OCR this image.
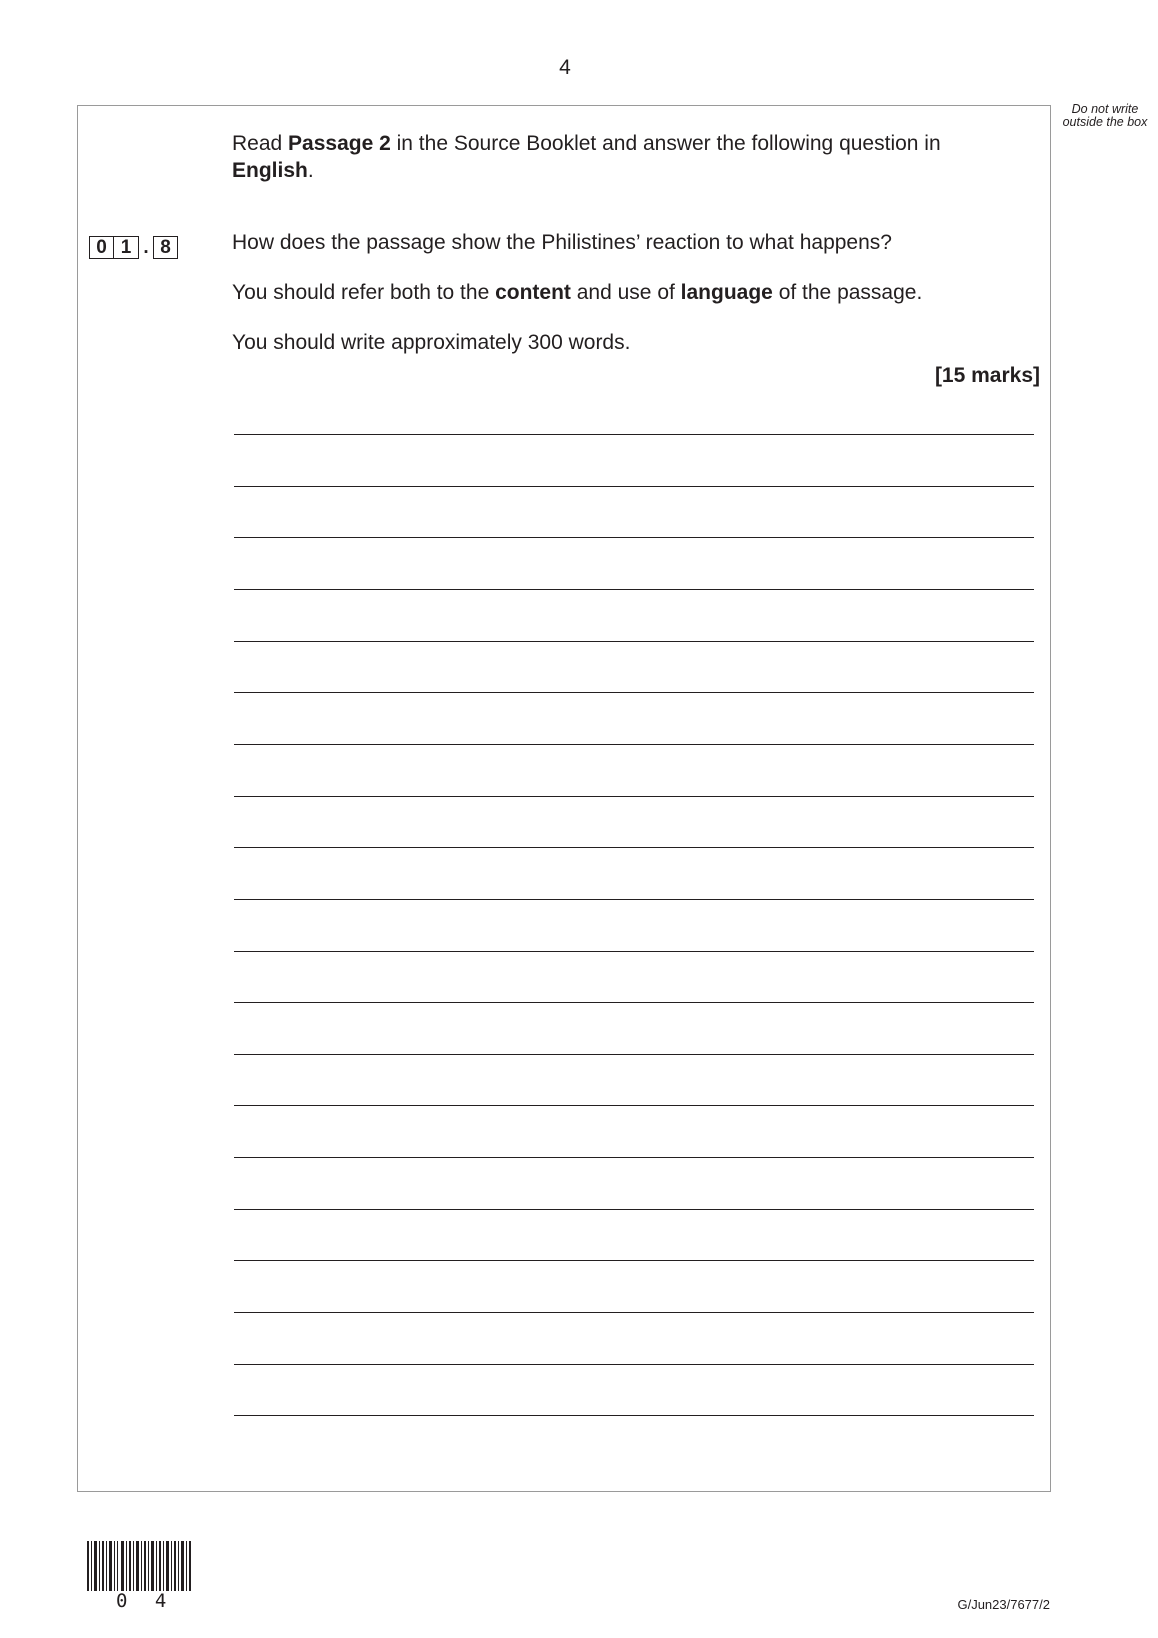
4
Do not write outside the box
Read Passage 2 in the Source Booklet and answer the following question in English.
0 1 . 8	How does the passage show the Philistines’ reaction to what happens?
You should refer both to the content and use of language of the passage.
You should write approximately 300 words.
[15 marks]
0 4	G/Jun23/7677/2
